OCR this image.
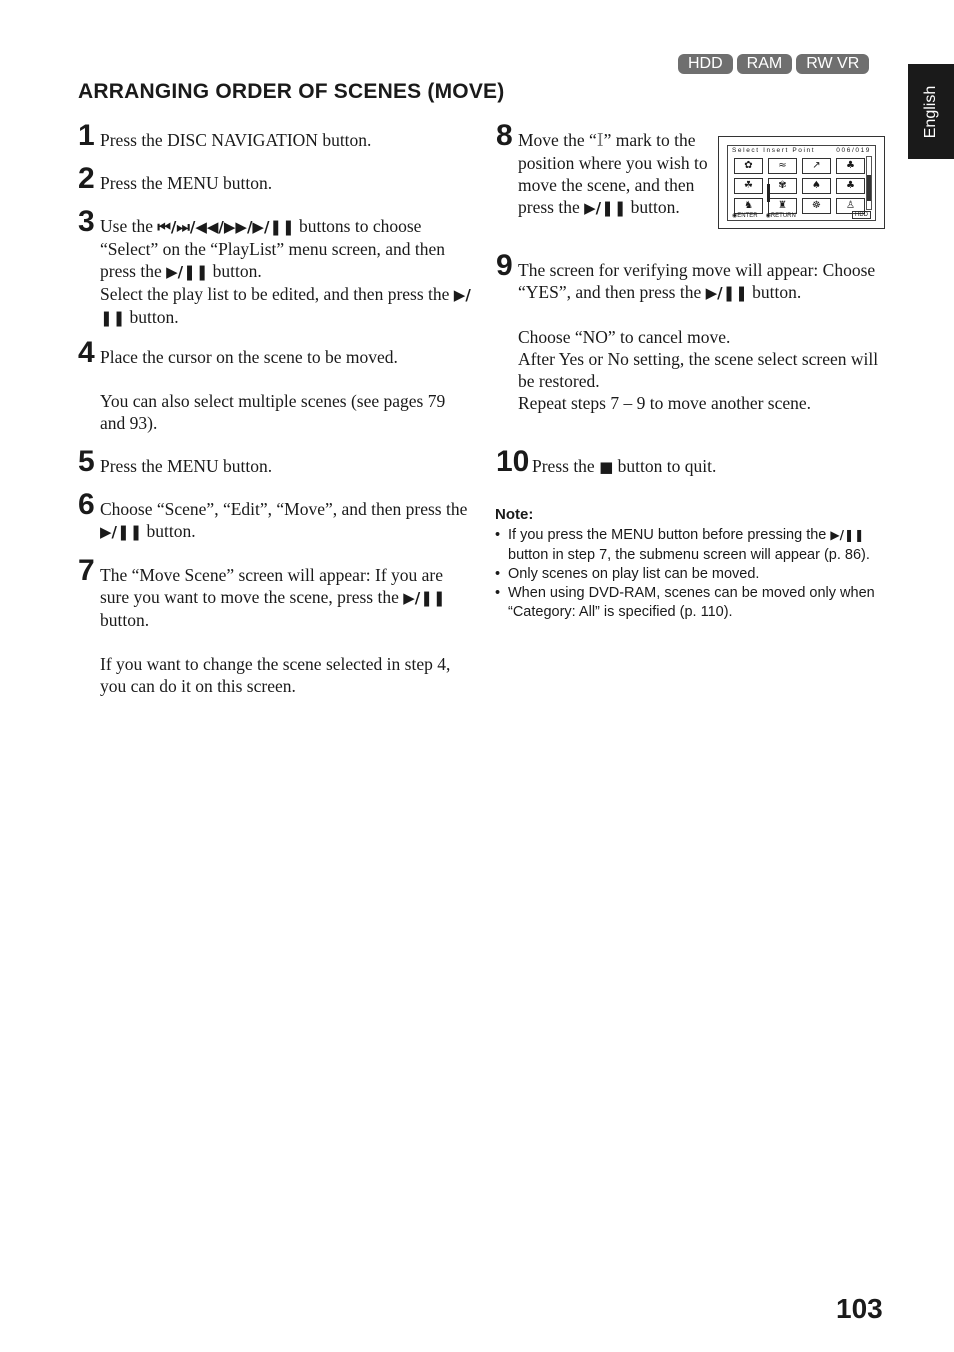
HDD	RAM	RW VR
English
ARRANGING ORDER OF SCENES (MOVE)
1 Press the DISC NAVIGATION button.

2 Press the MENU button.

3 Use the ⏮/⏭/◀◀/▶▶/▶/❚❚ buttons to choose “Select” on the “PlayList” menu screen, and then press the ▶/❚❚ button.

Select the play list to be edited, and then press the ▶/❚❚ button.

4 Place the cursor on the scene to be moved.

You can also select multiple scenes (see pages 79 and 93).

5 Press the MENU button.

6 Choose “Scene”, “Edit”, “Move”, and then press the ▶/❚❚ button.

7 The “Move Scene” screen will appear: If you are sure you want to move the scene, press the ▶/❚❚ button.

If you want to change the scene selected in step 4, you can do it on this screen.

8 Move the “I” mark to the position where you wish to move the scene, and then press the ▶/❚❚ button.

Select Insert Point	006/019
✿	≈	↗	♣
☘	✾	♠	♣
♞	♜	☸	♙
◉ENTER ◉RETURN	HDD
9 The screen for verifying move will appear: Choose “YES”, and then press the ▶/❚❚ button.

Choose “NO” to cancel move.

After Yes or No setting, the scene select screen will be restored.

Repeat steps 7 – 9 to move another scene.

10 Press the ■ button to quit.

Note:
• If you press the MENU button before pressing the ▶/❚❚ button in step 7, the submenu screen will appear (p. 86).
• Only scenes on play list can be moved.
• When using DVD-RAM, scenes can be moved only when “Category: All” is specified (p. 110).
103
